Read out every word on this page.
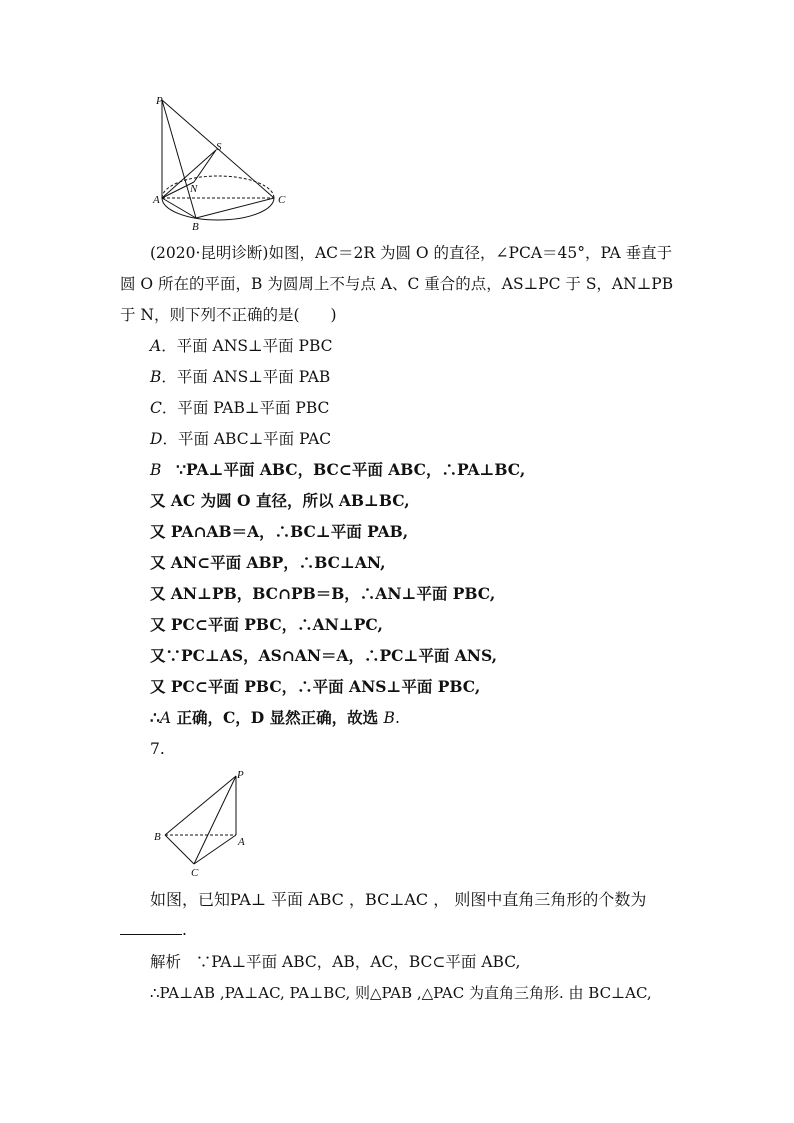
P
S
N
A
B
C
(2020·昆明诊断)如图，AC＝2R 为圆 O 的直径，∠PCA＝45°，PA 垂直于
圆 O 所在的平面，B 为圆周上不与点 A、C 重合的点，AS⊥PC 于 S，AN⊥PB
于 N，则下列不正确的是(　　)
A．平面 ANS⊥平面 PBC
B．平面 ANS⊥平面 PAB
C．平面 PAB⊥平面 PBC
D．平面 ABC⊥平面 PAC
B ∵PA⊥平面 ABC，BC⊂平面 ABC，∴PA⊥BC,
又 AC 为圆 O 直径，所以 AB⊥BC,
又 PA∩AB＝A，∴BC⊥平面 PAB,
又 AN⊂平面 ABP，∴BC⊥AN,
又 AN⊥PB，BC∩PB＝B，∴AN⊥平面 PBC,
又 PC⊂平面 PBC，∴AN⊥PC,
又∵PC⊥AS，AS∩AN＝A，∴PC⊥平面 ANS,
又 PC⊂平面 PBC，∴平面 ANS⊥平面 PBC,
∴A 正确，C，D 显然正确，故选 B.
7.
P
A
B
C
如图，已知PA⊥ 平面 ABC ，BC⊥AC ， 则图中直角三角形的个数为
.
解析 ∵PA⊥平面 ABC，AB，AC，BC⊂平面 ABC,
∴PA⊥AB ,PA⊥AC, PA⊥BC, 则△PAB ,△PAC 为直角三角形. 由 BC⊥AC,
